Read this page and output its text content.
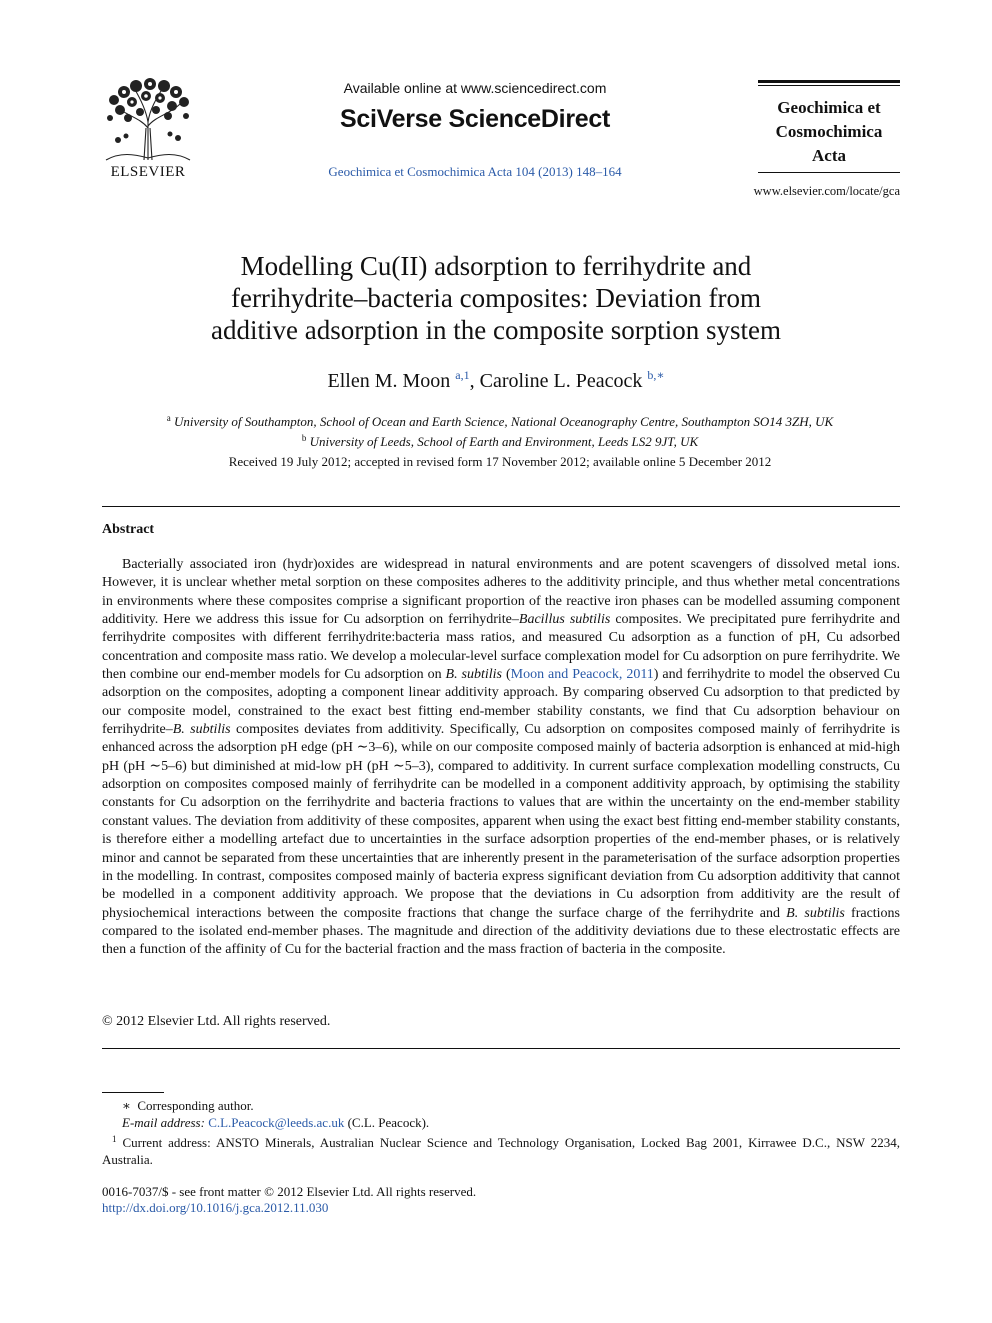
ELSEVIER
Available online at www.sciencedirect.com
SciVerse ScienceDirect
Geochimica et Cosmochimica Acta 104 (2013) 148–164
Geochimica et
Cosmochimica
Acta
www.elsevier.com/locate/gca
Modelling Cu(II) adsorption to ferrihydrite and
ferrihydrite–bacteria composites: Deviation from
additive adsorption in the composite sorption system
Ellen M. Moon $^{a,1}$, Caroline L. Peacock $^{b,∗}$
$^a$ University of Southampton, School of Ocean and Earth Science, National Oceanography Centre, Southampton SO14 3ZH, UK
$^b$ University of Leeds, School of Earth and Environment, Leeds LS2 9JT, UK
Received 19 July 2012; accepted in revised form 17 November 2012; available online 5 December 2012
Abstract
Bacterially associated iron (hydr)oxides are widespread in natural environments and are potent scavengers of dissolved metal ions. However, it is unclear whether metal sorption on these composites adheres to the additivity principle, and thus whether metal concentrations in environments where these composites comprise a significant proportion of the reactive iron phases can be modelled assuming component additivity. Here we address this issue for Cu adsorption on ferrihydrite–Bacillus subtilis composites. We precipitated pure ferrihydrite and ferrihydrite composites with different ferrihydrite:bacteria mass ratios, and measured Cu adsorption as a function of pH, Cu adsorbed concentration and composite mass ratio. We develop a molecular-level surface complexation model for Cu adsorption on pure ferrihydrite. We then combine our end-member models for Cu adsorption on B. subtilis (Moon and Peacock, 2011) and ferrihydrite to model the observed Cu adsorption on the composites, adopting a component linear additivity approach. By comparing observed Cu adsorption to that predicted by our composite model, constrained to the exact best fitting end-member stability constants, we find that Cu adsorption behaviour on ferrihydrite–B. subtilis composites deviates from additivity. Specifically, Cu adsorption on composites composed mainly of ferrihydrite is enhanced across the adsorption pH edge (pH ∼3–6), while on our composite composed mainly of bacteria adsorption is enhanced at mid-high pH (pH ∼5–6) but diminished at mid-low pH (pH ∼5–3), compared to additivity. In current surface complexation modelling constructs, Cu adsorption on composites composed mainly of ferrihydrite can be modelled in a component additivity approach, by optimising the stability constants for Cu adsorption on the ferrihydrite and bacteria fractions to values that are within the uncertainty on the end-member stability constant values. The deviation from additivity of these composites, apparent when using the exact best fitting end-member stability constants, is therefore either a modelling artefact due to uncertainties in the surface adsorption properties of the end-member phases, or is relatively minor and cannot be separated from these uncertainties that are inherently present in the parameterisation of the surface adsorption properties in the modelling. In contrast, composites composed mainly of bacteria express significant deviation from Cu adsorption additivity that cannot be modelled in a component additivity approach. We propose that the deviations in Cu adsorption from additivity are the result of physiochemical interactions between the composite fractions that change the surface charge of the ferrihydrite and B. subtilis fractions compared to the isolated end-member phases. The magnitude and direction of the additivity deviations due to these electrostatic effects are then a function of the affinity of Cu for the bacterial fraction and the mass fraction of bacteria in the composite.
© 2012 Elsevier Ltd. All rights reserved.
∗ Corresponding author.
E-mail address: C.L.Peacock@leeds.ac.uk (C.L. Peacock).
$^1$ Current address: ANSTO Minerals, Australian Nuclear Science and Technology Organisation, Locked Bag 2001, Kirrawee D.C., NSW 2234, Australia.
0016-7037/$ - see front matter © 2012 Elsevier Ltd. All rights reserved.
http://dx.doi.org/10.1016/j.gca.2012.11.030
